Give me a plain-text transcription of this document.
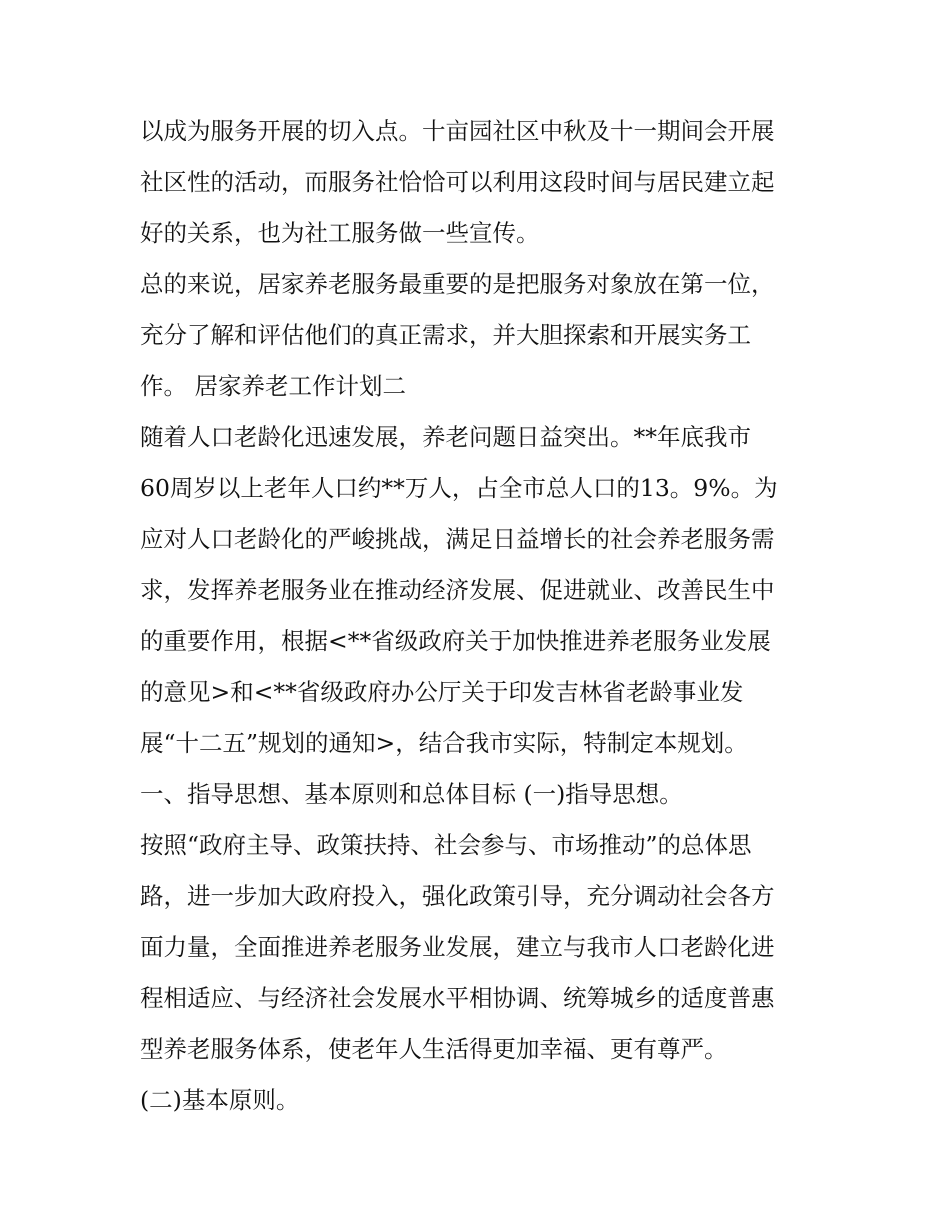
以成为服务开展的切入点。十亩园社区中秋及十一期间会开展
社区性的活动，而服务社恰恰可以利用这段时间与居民建立起
好的关系，也为社工服务做一些宣传。
总的来说，居家养老服务最重要的是把服务对象放在第一位，
充分了解和评估他们的真正需求，并大胆探索和开展实务工
作。 居家养老工作计划二
随着人口老龄化迅速发展，养老问题日益突出。**年底我市
60周岁以上老年人口约**万人，占全市总人口的13。9%。为
应对人口老龄化的严峻挑战，满足日益增长的社会养老服务需
求，发挥养老服务业在推动经济发展、促进就业、改善民生中
的重要作用，根据<**省级政府关于加快推进养老服务业发展
的意见>和<**省级政府办公厅关于印发吉林省老龄事业发
展“十二五”规划的通知>，结合我市实际，特制定本规划。
一、指导思想、基本原则和总体目标 (一)指导思想。
按照“政府主导、政策扶持、社会参与、市场推动”的总体思
路，进一步加大政府投入，强化政策引导，充分调动社会各方
面力量，全面推进养老服务业发展，建立与我市人口老龄化进
程相适应、与经济社会发展水平相协调、统筹城乡的适度普惠
型养老服务体系，使老年人生活得更加幸福、更有尊严。
(二)基本原则。
